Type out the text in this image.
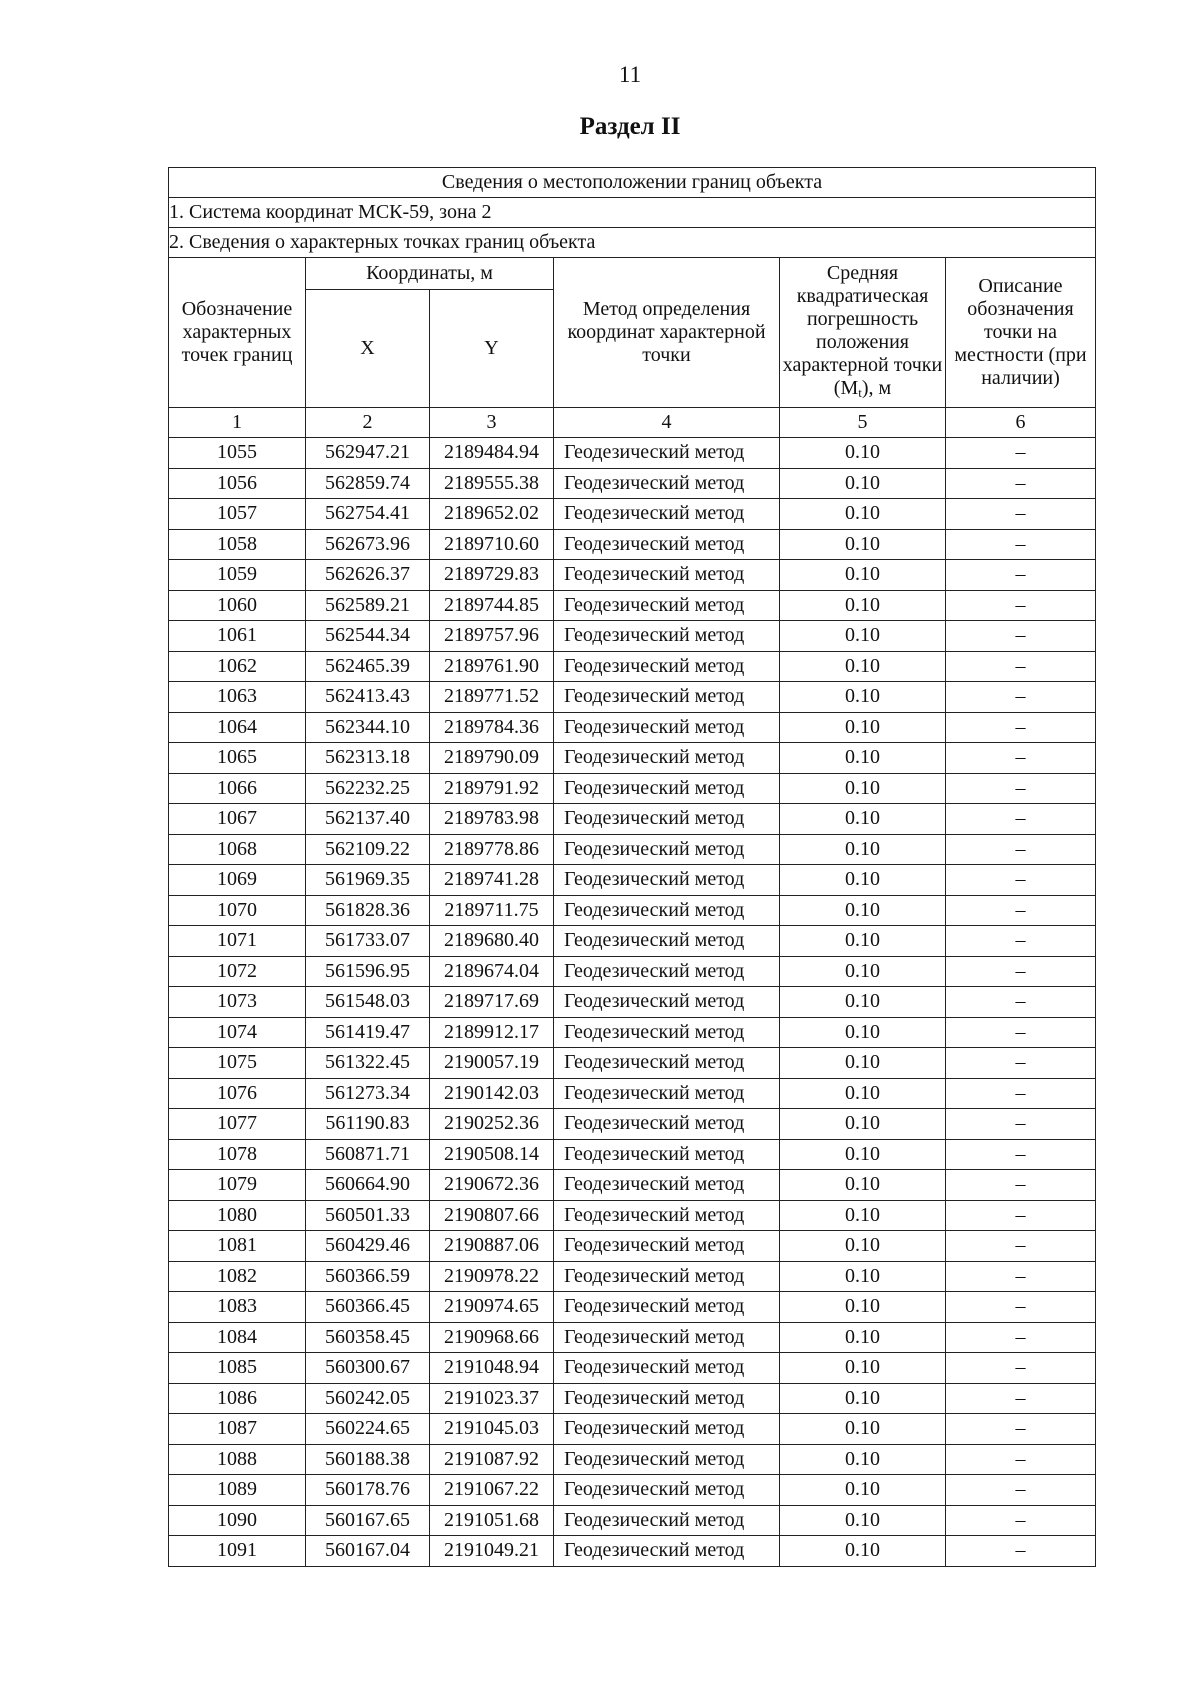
11
Раздел II
Сведения о местоположении границ объекта					
1. Система координат МСК-59, зона 2					
2. Сведения о характерных точках границ объекта					
Обозначение характерных точек границ	Координаты, м		Метод определения координат характерной точки	Средняя квадратическая погрешность положения характерной точки $(M_t)$, м	Описание обозначения точки на местности (при наличии)
	X	Y			
1	2	3	4	5	6
1055	562947.21	2189484.94	Геодезический метод	0.10	–
1056	562859.74	2189555.38	Геодезический метод	0.10	–
1057	562754.41	2189652.02	Геодезический метод	0.10	–
1058	562673.96	2189710.60	Геодезический метод	0.10	–
1059	562626.37	2189729.83	Геодезический метод	0.10	–
1060	562589.21	2189744.85	Геодезический метод	0.10	–
1061	562544.34	2189757.96	Геодезический метод	0.10	–
1062	562465.39	2189761.90	Геодезический метод	0.10	–
1063	562413.43	2189771.52	Геодезический метод	0.10	–
1064	562344.10	2189784.36	Геодезический метод	0.10	–
1065	562313.18	2189790.09	Геодезический метод	0.10	–
1066	562232.25	2189791.92	Геодезический метод	0.10	–
1067	562137.40	2189783.98	Геодезический метод	0.10	–
1068	562109.22	2189778.86	Геодезический метод	0.10	–
1069	561969.35	2189741.28	Геодезический метод	0.10	–
1070	561828.36	2189711.75	Геодезический метод	0.10	–
1071	561733.07	2189680.40	Геодезический метод	0.10	–
1072	561596.95	2189674.04	Геодезический метод	0.10	–
1073	561548.03	2189717.69	Геодезический метод	0.10	–
1074	561419.47	2189912.17	Геодезический метод	0.10	–
1075	561322.45	2190057.19	Геодезический метод	0.10	–
1076	561273.34	2190142.03	Геодезический метод	0.10	–
1077	561190.83	2190252.36	Геодезический метод	0.10	–
1078	560871.71	2190508.14	Геодезический метод	0.10	–
1079	560664.90	2190672.36	Геодезический метод	0.10	–
1080	560501.33	2190807.66	Геодезический метод	0.10	–
1081	560429.46	2190887.06	Геодезический метод	0.10	–
1082	560366.59	2190978.22	Геодезический метод	0.10	–
1083	560366.45	2190974.65	Геодезический метод	0.10	–
1084	560358.45	2190968.66	Геодезический метод	0.10	–
1085	560300.67	2191048.94	Геодезический метод	0.10	–
1086	560242.05	2191023.37	Геодезический метод	0.10	–
1087	560224.65	2191045.03	Геодезический метод	0.10	–
1088	560188.38	2191087.92	Геодезический метод	0.10	–
1089	560178.76	2191067.22	Геодезический метод	0.10	–
1090	560167.65	2191051.68	Геодезический метод	0.10	–
1091	560167.04	2191049.21	Геодезический метод	0.10	–
